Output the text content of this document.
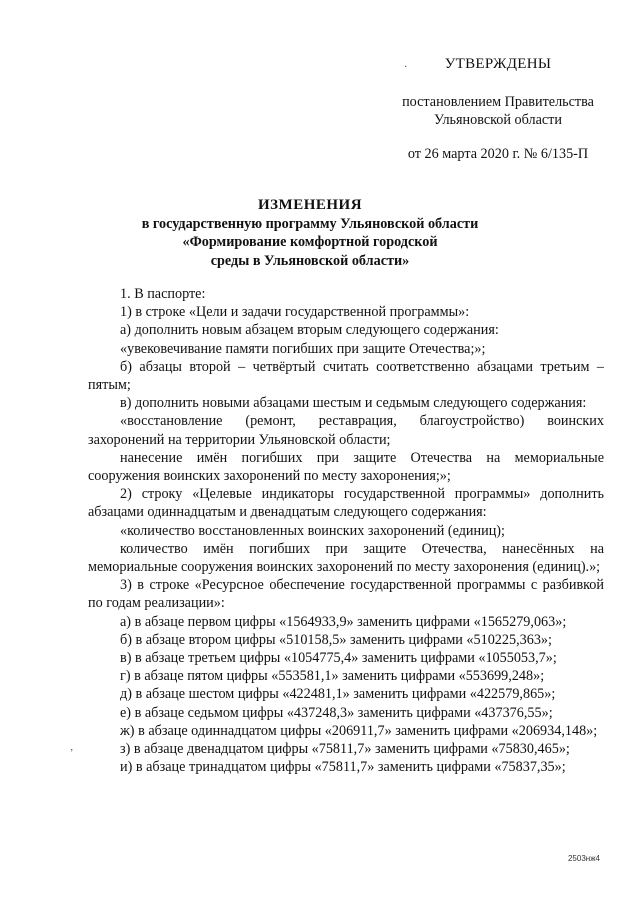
·
’
УТВЕРЖДЕНЫ
постановлением Правительства
Ульяновской области
от 26 марта 2020 г. № 6/135-П
ИЗМЕНЕНИЯ
в государственную программу Ульяновской области
«Формирование комфортной городской
среды в Ульяновской области»

1. В паспорте:

1) в строке «Цели и задачи государственной программы»:

а) дополнить новым абзацем вторым следующего содержания:

«увековечивание памяти погибших при защите Отечества;»;

б) абзацы второй – четвёртый считать соответственно абзацами третьим – пятым;

в) дополнить новыми абзацами шестым и седьмым следующего содержания:

«восстановление (ремонт, реставрация, благоустройство) воинских захоронений на территории Ульяновской области;

нанесение имён погибших при защите Отечества на мемориальные сооружения воинских захоронений по месту захоронения;»;

2) строку «Целевые индикаторы государственной программы» дополнить абзацами одиннадцатым и двенадцатым следующего содержания:

«количество восстановленных воинских захоронений (единиц);

количество имён погибших при защите Отечества, нанесённых на мемориальные сооружения воинских захоронений по месту захоронения (единиц).»;

3) в строке «Ресурсное обеспечение государственной программы с разбивкой по годам реализации»:

а) в абзаце первом цифры «1564933,9» заменить цифрами «1565279,063»;

б) в абзаце втором цифры «510158,5» заменить цифрами «510225,363»;

в) в абзаце третьем цифры «1054775,4» заменить цифрами «1055053,7»;

г) в абзаце пятом цифры «553581,1» заменить цифрами «553699,248»;

д) в абзаце шестом цифры «422481,1» заменить цифрами «422579,865»;

е) в абзаце седьмом цифры «437248,3» заменить цифрами «437376,55»;

ж) в абзаце одиннадцатом цифры «206911,7» заменить цифрами «206934,148»;

з) в абзаце двенадцатом цифры «75811,7» заменить цифрами «75830,465»;

и) в абзаце тринадцатом цифры «75811,7» заменить цифрами «75837,35»;

2503нж4
